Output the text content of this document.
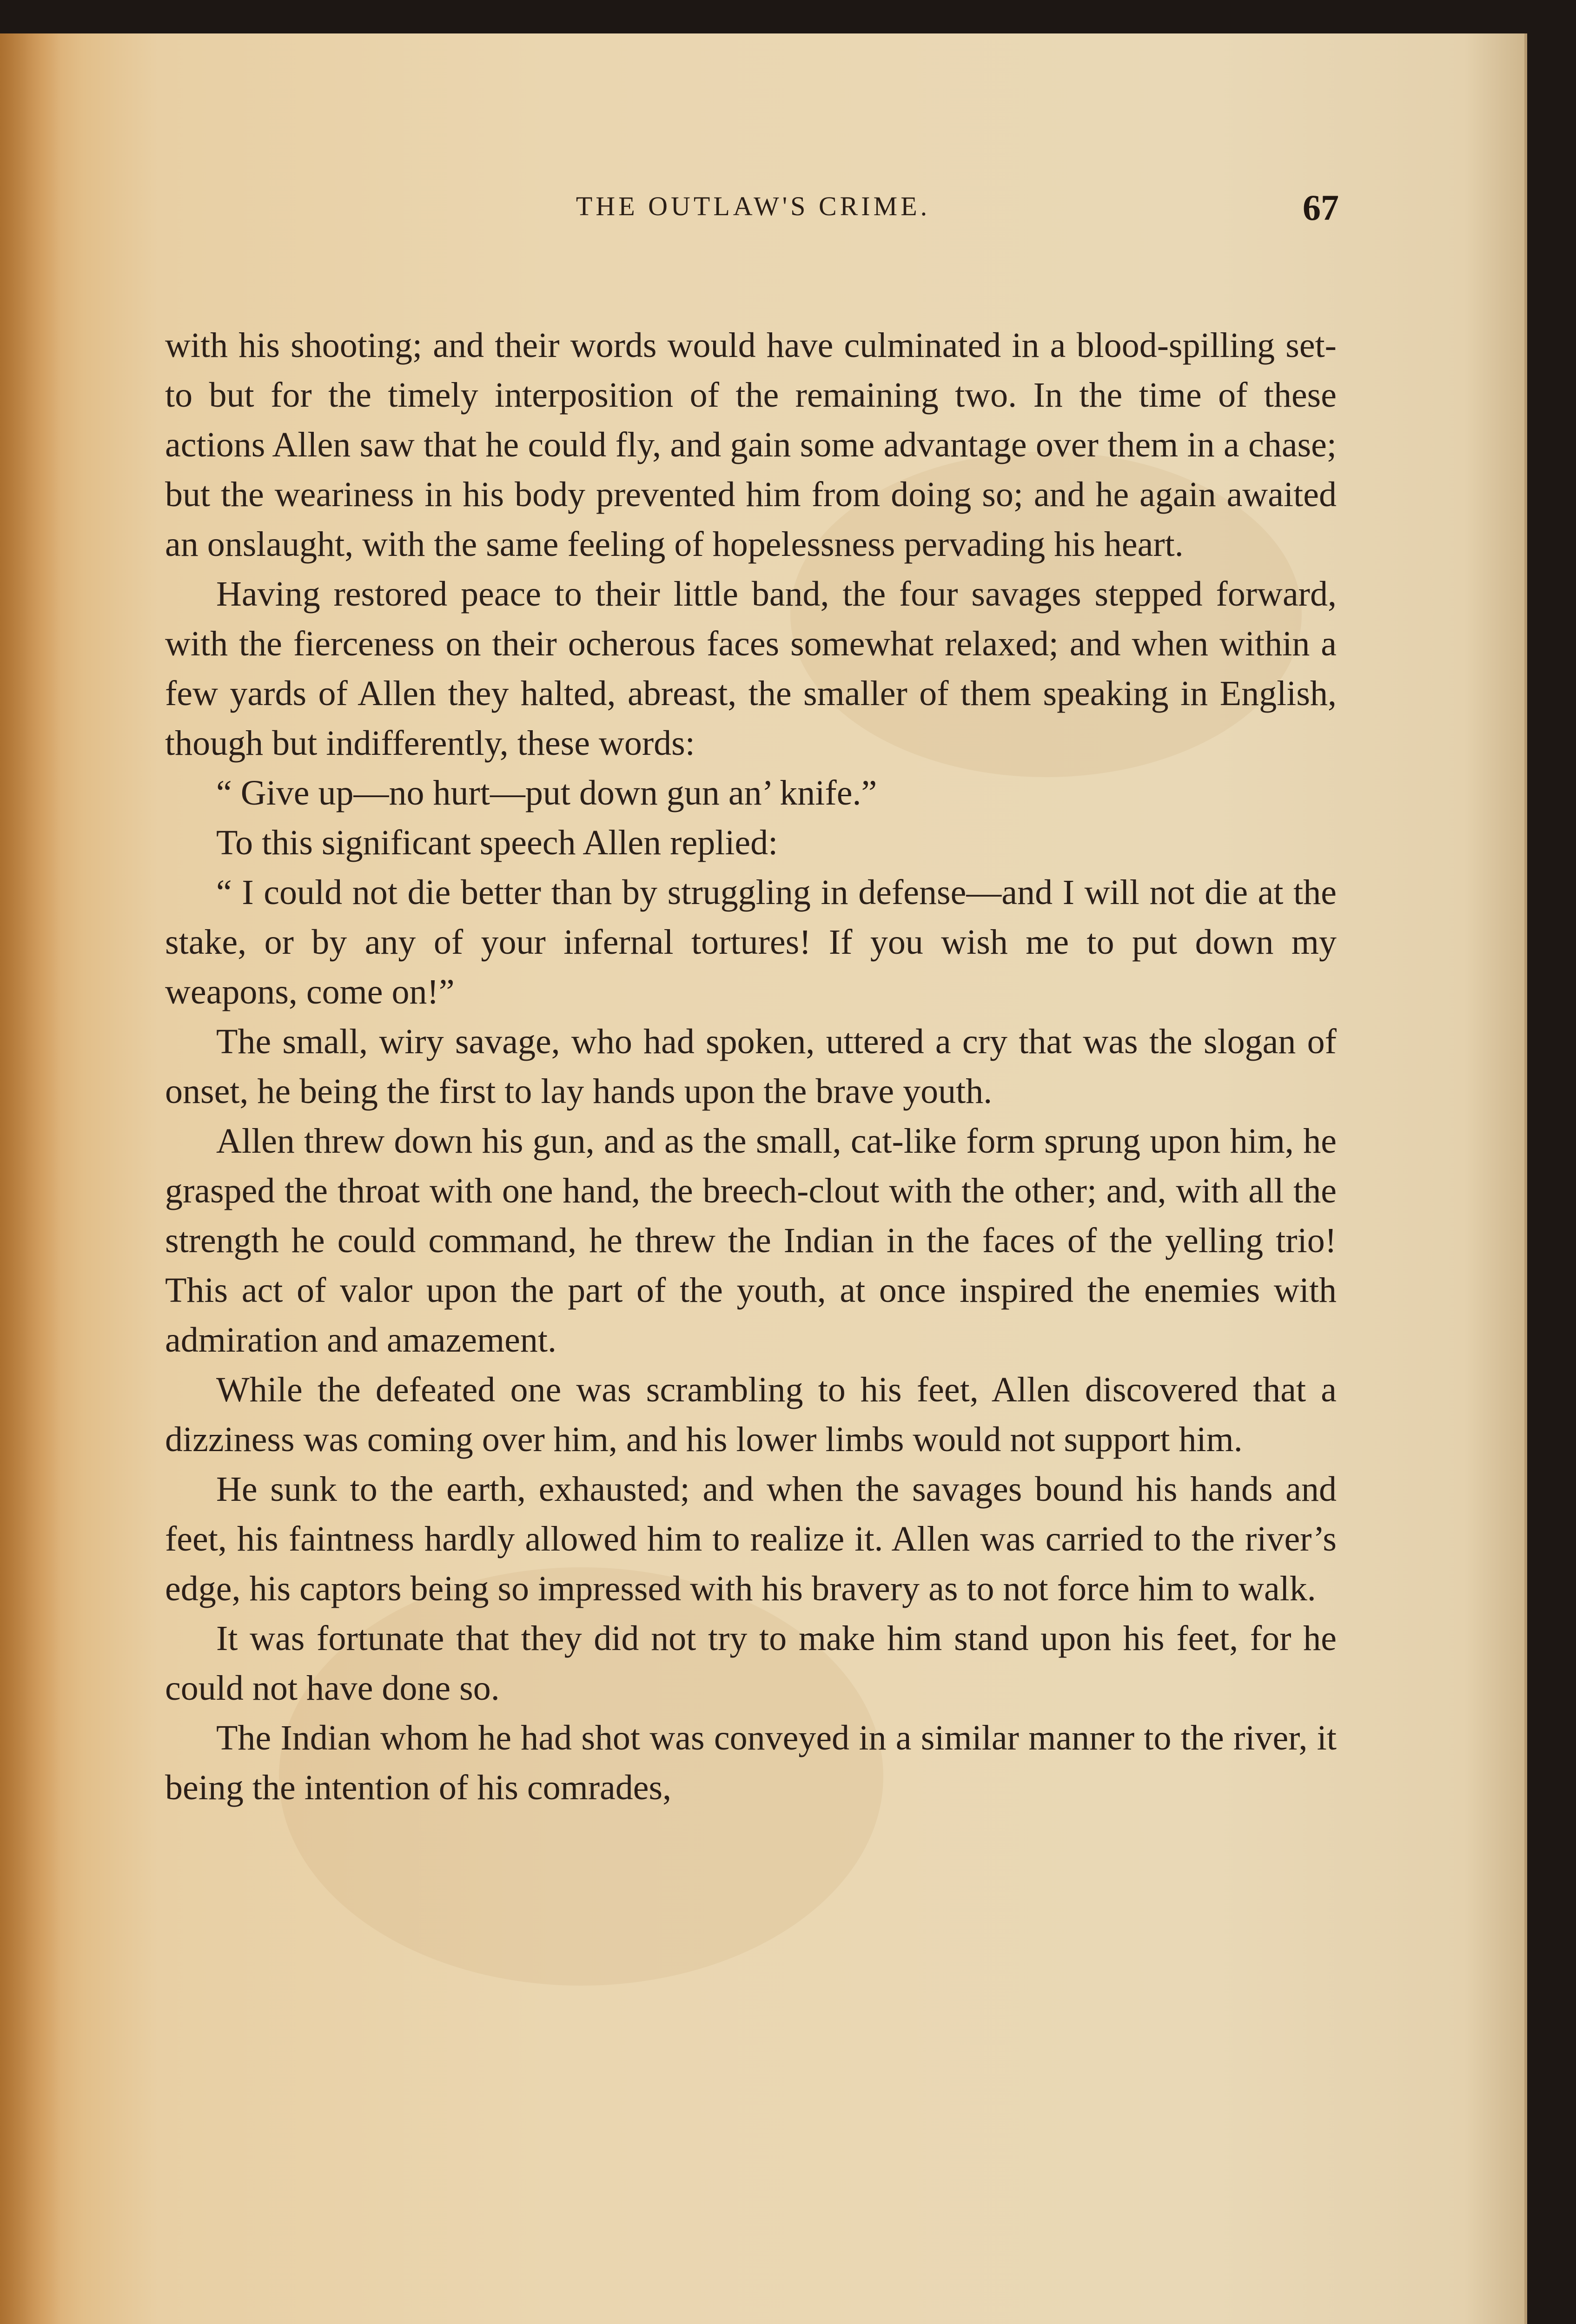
THE OUTLAW'S CRIME.	67

with his shooting; and their words would have culminated in a blood-spilling set-to but for the timely interposition of the remaining two. In the time of these actions Allen saw that he could fly, and gain some advantage over them in a chase; but the weariness in his body prevented him from doing so; and he again awaited an onslaught, with the same feeling of hopelessness pervading his heart.

Having restored peace to their little band, the four savages stepped forward, with the fierceness on their ocherous faces somewhat relaxed; and when within a few yards of Allen they halted, abreast, the smaller of them speaking in English, though but indifferently, these words:

“ Give up—no hurt—put down gun an’ knife.”

To this significant speech Allen replied:

“ I could not die better than by struggling in defense—and I will not die at the stake, or by any of your infernal tortures! If you wish me to put down my weapons, come on!”

The small, wiry savage, who had spoken, uttered a cry that was the slogan of onset, he being the first to lay hands upon the brave youth.

Allen threw down his gun, and as the small, cat-like form sprung upon him, he grasped the throat with one hand, the breech-clout with the other; and, with all the strength he could command, he threw the Indian in the faces of the yelling trio! This act of valor upon the part of the youth, at once inspired the enemies with admiration and amazement.

While the defeated one was scrambling to his feet, Allen discovered that a dizziness was coming over him, and his lower limbs would not support him.

He sunk to the earth, exhausted; and when the savages bound his hands and feet, his faintness hardly allowed him to realize it. Allen was carried to the river’s edge, his captors being so impressed with his bravery as to not force him to walk.

It was fortunate that they did not try to make him stand upon his feet, for he could not have done so.

The Indian whom he had shot was conveyed in a similar manner to the river, it being the intention of his comrades,
